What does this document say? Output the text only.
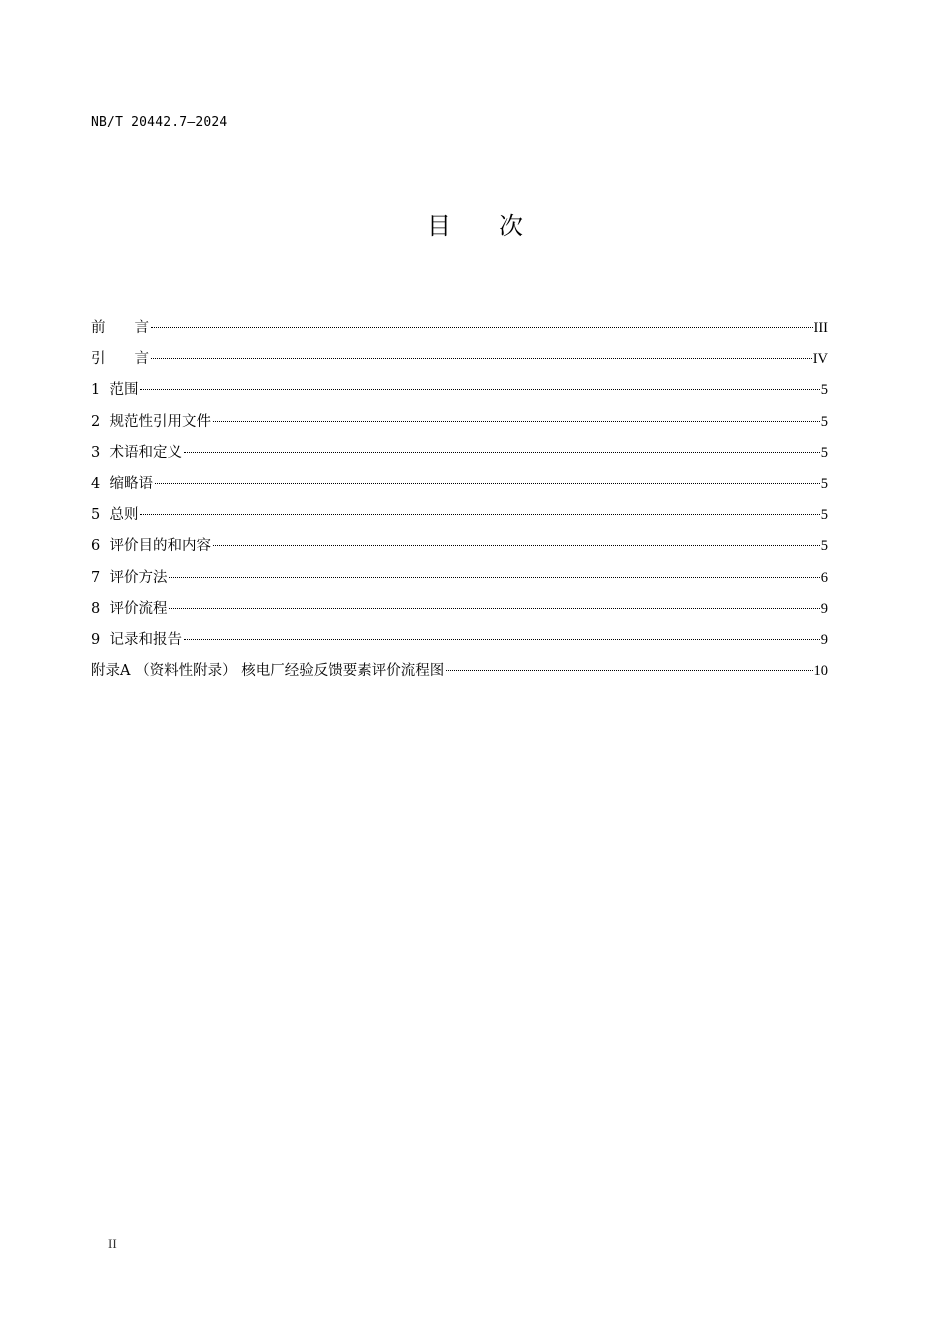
NB/T 20442.7—2024
目 次
前　　言	III
引　　言	IV
1  范围	5
2  规范性引用文件	5
3  术语和定义	5
4  缩略语	5
5  总则	5
6  评价目的和内容	5
7  评价方法	6
8  评价流程	9
9  记录和报告	9
附录A （资料性附录） 核电厂经验反馈要素评价流程图	10
II
